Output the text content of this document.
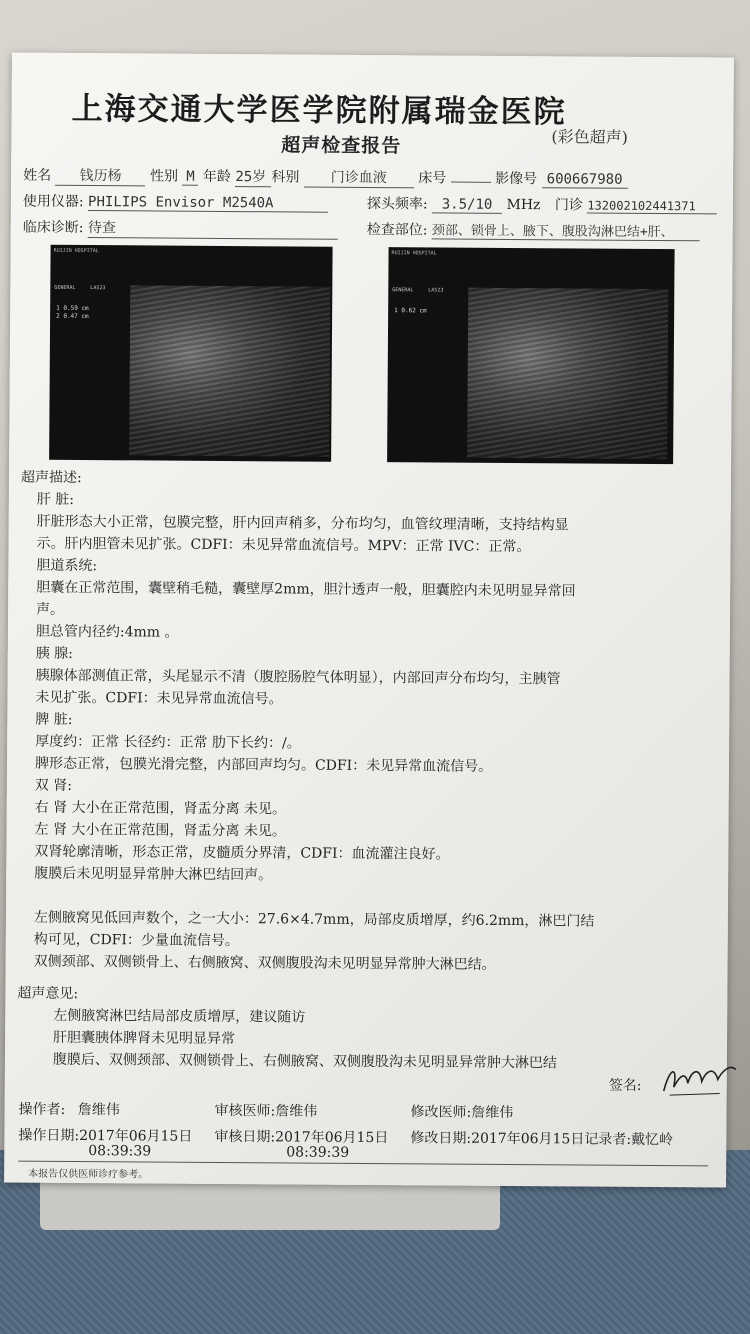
上海交通大学医学院附属瑞金医院
超声检查报告	(彩色超声)
姓名 钱历杨 性别 M 年龄 25岁 科别 门诊血液 床号	影像号 600667980
使用仪器: PHILIPS Envisor M2540A	探头频率: 3.5/10 MHz 门诊 132002102441371
临床诊断: 待查	检查部位: 颈部、锁骨上、腋下、腹股沟淋巴结+肝、
RUIJIN HOSPITAL
GENERAL	LA523
1 0.59 cm
2 0.47 cm
RUIJIN HOSPITAL
GENERAL	LA523
1 0.62 cm
超声描述:
肝 脏:
肝脏形态大小正常，包膜完整，肝内回声稍多，分布均匀，血管纹理清晰，支持结构显
示。肝内胆管未见扩张。CDFI：未见异常血流信号。MPV：正常 IVC：正常。
胆道系统:
胆囊在正常范围，囊壁稍毛糙，囊壁厚2mm，胆汁透声一般，胆囊腔内未见明显异常回
声。
胆总管内径约:4mm 。
胰 腺:
胰腺体部测值正常，头尾显示不清（腹腔肠腔气体明显），内部回声分布均匀，主胰管
未见扩张。CDFI：未见异常血流信号。
脾 脏:
厚度约：正常 长径约：正常 肋下长约：/。
脾形态正常，包膜光滑完整，内部回声均匀。CDFI：未见异常血流信号。
双 肾:
右 肾 大小在正常范围，肾盂分离 未见。
左 肾 大小在正常范围，肾盂分离 未见。
双肾轮廓清晰，形态正常，皮髓质分界清，CDFI：血流灌注良好。
腹膜后未见明显异常肿大淋巴结回声。
左侧腋窝见低回声数个，之一大小：27.6×4.7mm，局部皮质增厚，约6.2mm，淋巴门结
构可见，CDFI：少量血流信号。
双侧颈部、双侧锁骨上、右侧腋窝、双侧腹股沟未见明显异常肿大淋巴结。
超声意见:
左侧腋窝淋巴结局部皮质增厚，建议随访
肝胆囊胰体脾肾未见明显异常
腹膜后、双侧颈部、双侧锁骨上、右侧腋窝、双侧腹股沟未见明显异常肿大淋巴结
签名:
操作者: 詹维伟	审核医师:詹维伟	修改医师:詹维伟
操作日期:2017年06月15日
08:39:39
审核日期:2017年06月15日
08:39:39
修改日期:2017年06月15日记录者:戴忆岭
本报告仅供医师诊疗参考。
